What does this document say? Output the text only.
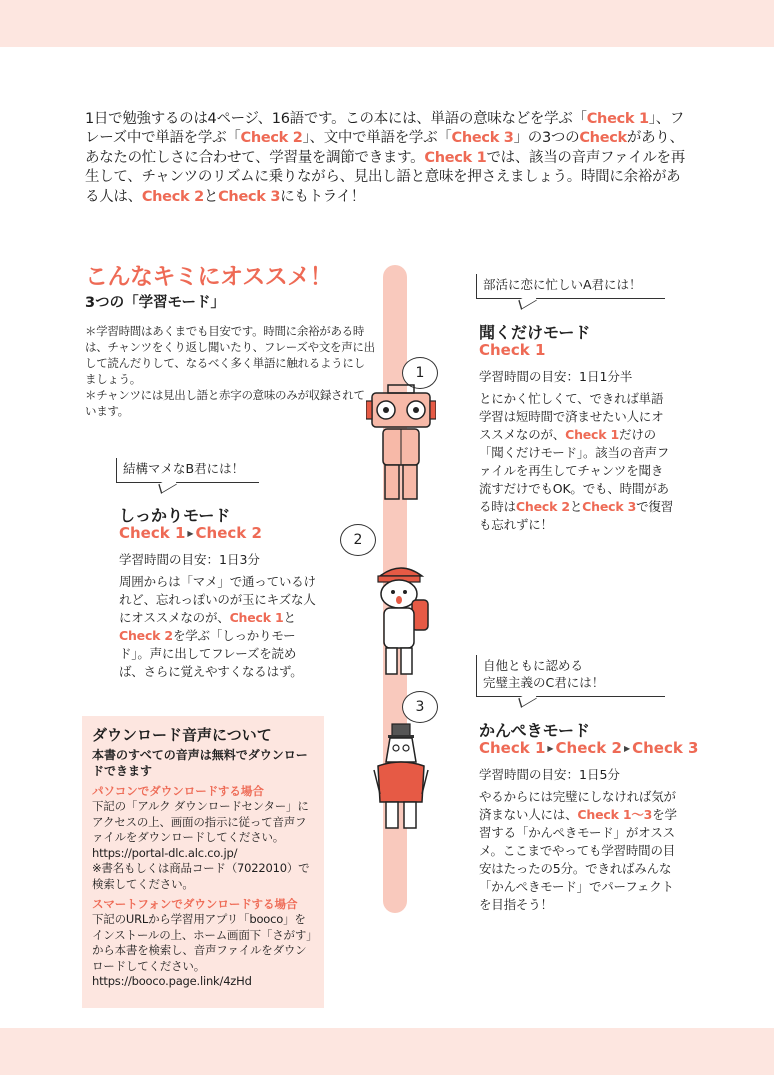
1日で勉強するのは4ページ、16語です。この本には、単語の意味などを学ぶ「Check 1」、フレーズ中で単語を学ぶ「Check 2」、文中で単語を学ぶ「Check 3」の3つのCheckがあり、あなたの忙しさに合わせて、学習量を調節できます。Check 1では、該当の音声ファイルを再生して、チャンツのリズムに乗りながら、見出し語と意味を押さえましょう。時間に余裕がある人は、Check 2とCheck 3にもトライ！
こんなキミにオススメ！
3つの「学習モード」

＊学習時間はあくまでも目安です。時間に余裕がある時は、チャンツをくり返し聞いたり、フレーズや文を声に出して読んだりして、なるべく多く単語に触れるようにしましょう。

＊チャンツには見出し語と赤字の意味のみが収録されています。

部活に恋に忙しいA君には！

聞くだけモード
Check 1
学習時間の目安：1日1分半
とにかく忙しくて、できれば単語学習は短時間で済ませたい人にオススメなのが、Check 1だけの「聞くだけモード」。該当の音声ファイルを再生してチャンツを聞き流すだけでもOK。でも、時間がある時はCheck 2とCheck 3で復習も忘れずに！

結構マメなB君には！

しっかりモード
Check 1 ▶ Check 2
学習時間の目安：1日3分
周囲からは「マメ」で通っているけれど、忘れっぽいのが玉にキズな人にオススメなのが、Check 1とCheck 2を学ぶ「しっかりモード」。声に出してフレーズを読めば、さらに覚えやすくなるはず。	自他ともに認める

完璧主義のC君には！

かんぺきモード
Check 1 ▶ Check 2 ▶ Check 3
学習時間の目安：1日5分
やるからには完璧にしなければ気が済まない人には、Check 1～3を学習する「かんぺきモード」がオススメ。ここまでやっても学習時間の目安はたったの5分。できればみんな「かんぺきモード」でパーフェクトを目指そう！
1
2
3

ダウンロード音声について

本書のすべての音声は無料でダウンロードできます

パソコンでダウンロードする場合

下記の「アルク ダウンロードセンター」にアクセスの上、画面の指示に従って音声ファイルをダウンロードしてください。

https://portal-dlc.alc.co.jp/

※書名もしくは商品コード（7022010）で検索してください。

スマートフォンでダウンロードする場合

下記のURLから学習用アプリ「booco」をインストールの上、ホーム画面下「さがす」から本書を検索し、音声ファイルをダウンロードしてください。

https://booco.page.link/4zHd
